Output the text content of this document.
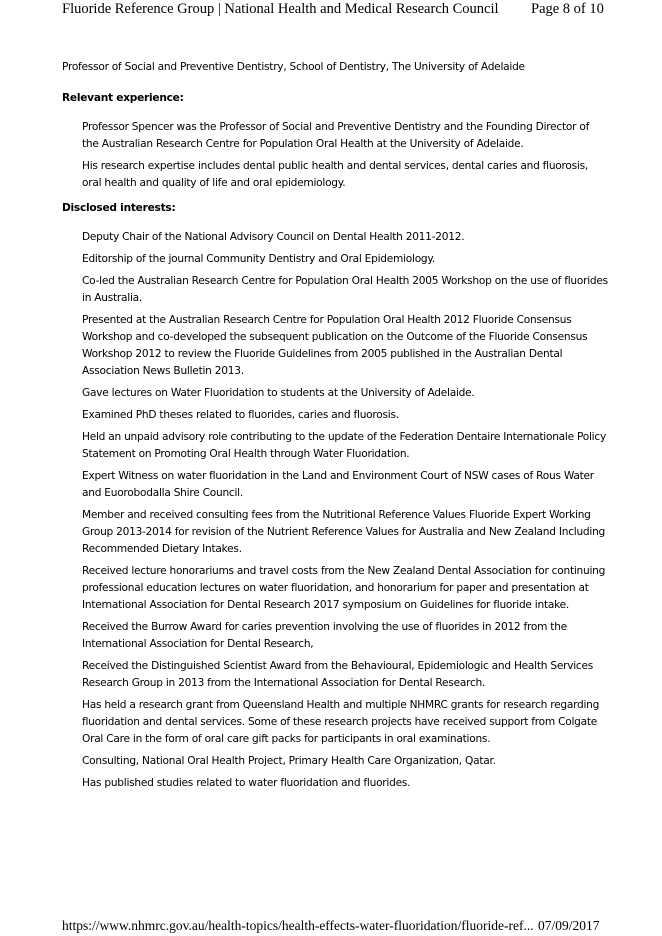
Fluoride Reference Group | National Health and Medical Research Council Page 8 of 10

Professor of Social and Preventive Dentistry, School of Dentistry, The University of Adelaide

Relevant experience:

Professor Spencer was the Professor of Social and Preventive Dentistry and the Founding Director of the Australian Research Centre for Population Oral Health at the University of Adelaide.

His research expertise includes dental public health and dental services, dental caries and fluorosis, oral health and quality of life and oral epidemiology.

Disclosed interests:

Deputy Chair of the National Advisory Council on Dental Health 2011-2012.
Editorship of the journal Community Dentistry and Oral Epidemiology.
Co-led the Australian Research Centre for Population Oral Health 2005 Workshop on the use of fluorides in Australia.
Presented at the Australian Research Centre for Population Oral Health 2012 Fluoride Consensus Workshop and co-developed the subsequent publication on the Outcome of the Fluoride Consensus Workshop 2012 to review the Fluoride Guidelines from 2005 published in the Australian Dental Association News Bulletin 2013.
Gave lectures on Water Fluoridation to students at the University of Adelaide.
Examined PhD theses related to fluorides, caries and fluorosis.
Held an unpaid advisory role contributing to the update of the Federation Dentaire Internationale Policy Statement on Promoting Oral Health through Water Fluoridation.
Expert Witness on water fluoridation in the Land and Environment Court of NSW cases of Rous Water and Euorobodalla Shire Council.
Member and received consulting fees from the Nutritional Reference Values Fluoride Expert Working Group 2013-2014 for revision of the Nutrient Reference Values for Australia and New Zealand Including Recommended Dietary Intakes.
Received lecture honorariums and travel costs from the New Zealand Dental Association for continuing professional education lectures on water fluoridation, and honorarium for paper and presentation at International Association for Dental Research 2017 symposium on Guidelines for fluoride intake.
Received the Burrow Award for caries prevention involving the use of fluorides in 2012 from the International Association for Dental Research,
Received the Distinguished Scientist Award from the Behavioural, Epidemiologic and Health Services Research Group in 2013 from the International Association for Dental Research.
Has held a research grant from Queensland Health and multiple NHMRC grants for research regarding fluoridation and dental services. Some of these research projects have received support from Colgate Oral Care in the form of oral care gift packs for participants in oral examinations.
Consulting, National Oral Health Project, Primary Health Care Organization, Qatar.
Has published studies related to water fluoridation and fluorides.
https://www.nhmrc.gov.au/health-topics/health-effects-water-fluoridation/fluoride-ref... 07/09/2017
